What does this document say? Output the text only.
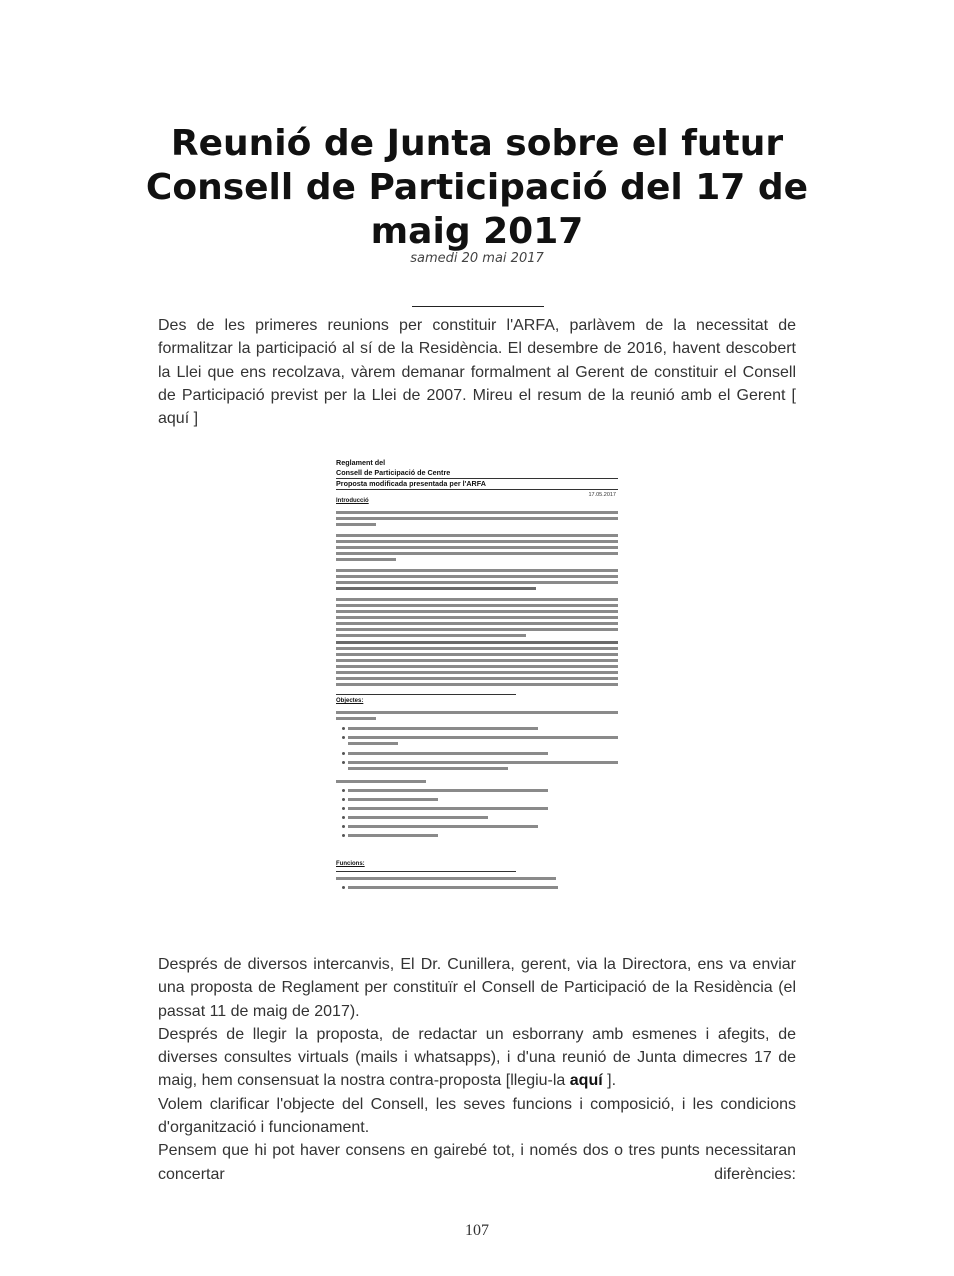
Reunió de Junta sobre el futur Consell de Participació del 17 de maig 2017
samedi 20 mai 2017

Des de les primeres reunions per constituir l'ARFA, parlàvem de la necessitat de formalitzar la participació al sí de la Residència. El desembre de 2016, havent descobert la Llei que ens recolzava, vàrem demanar formalment al Gerent de constituir el Consell de Participació previst per la Llei de 2007. Mireu el resum de la reunió amb el Gerent [ aquí ]

Reglament del
Consell de Participació de Centre
Proposta modificada presentada per l'ARFA
17.05.2017
Introducció
Objectes:
Funcions:
Després de diversos intercanvis, El Dr. Cunillera, gerent, via la Directora, ens va enviar una proposta de Reglament per constituïr el Consell de Participació de la Residència (el passat 11 de maig de 2017).
Després de llegir la proposta, de redactar un esborrany amb esmenes i afegits, de diverses consultes virtuals (mails i whatsapps), i d'una reunió de Junta dimecres 17 de maig, hem consensuat la nostra contra-proposta [llegiu-la aquí ].
Volem clarificar l'objecte del Consell, les seves funcions i composició, i les condicions d'organització i funcionament.
Pensem que hi pot haver consens en gairebé tot, i només dos o tres punts necessitaran concertar diferències:
107
